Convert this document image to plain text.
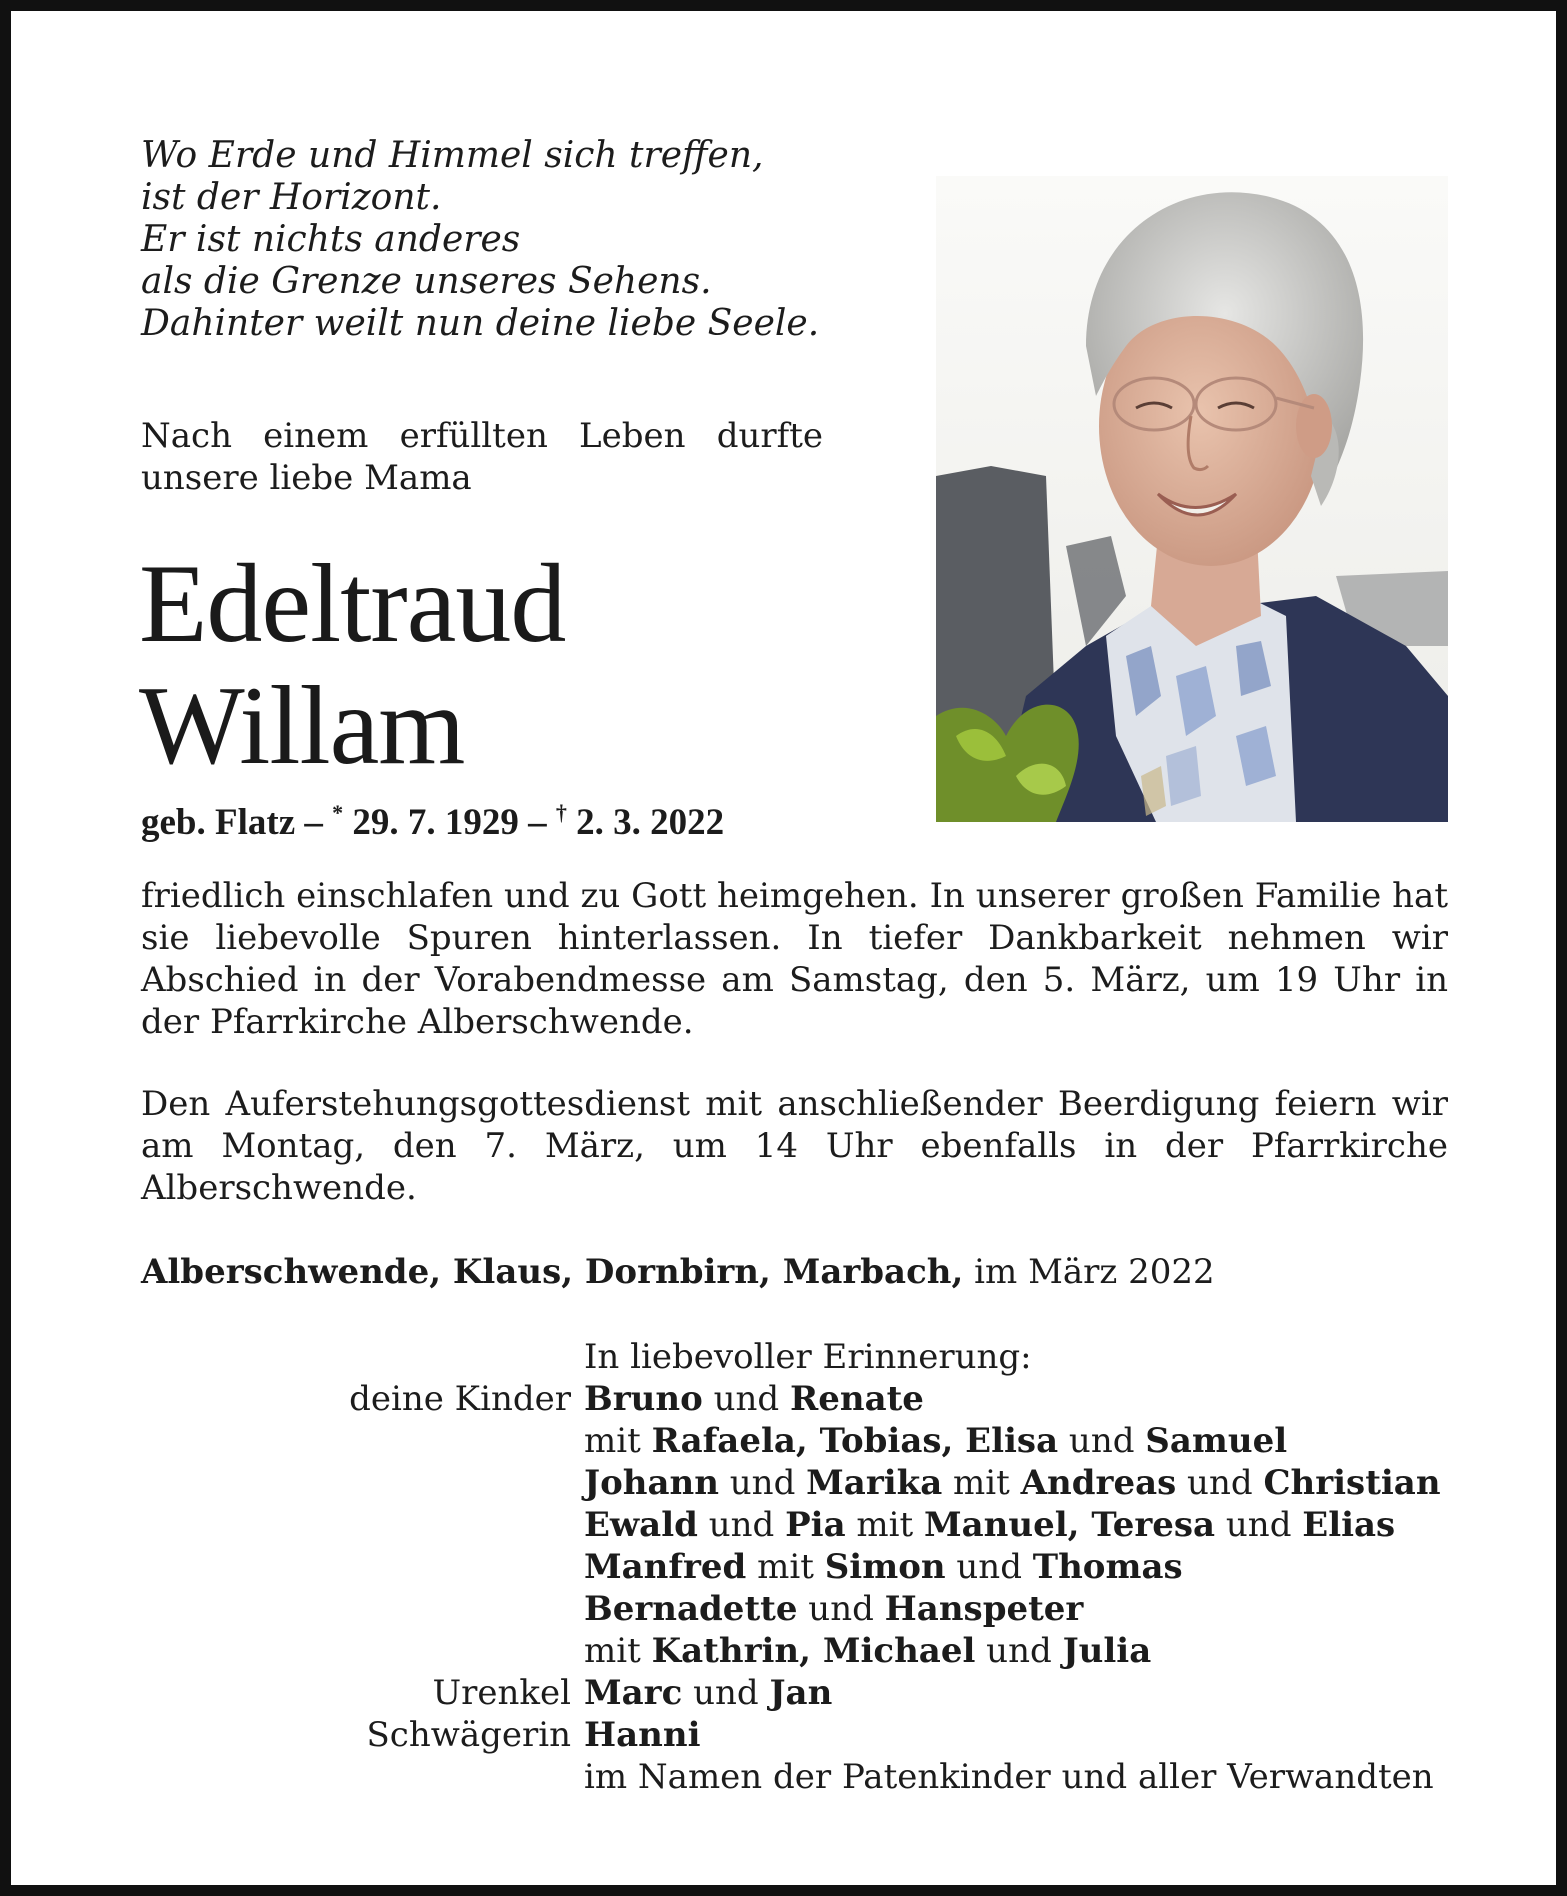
Wo Erde und Himmel sich treffen,
ist der Horizont.
Er ist nichts anderes
als die Grenze unseres Sehens.
Dahinter weilt nun deine liebe Seele.
Nach einem erfüllten Leben durfte unsere liebe Mama
Edeltraud
Willam
geb. Flatz – * 29. 7. 1929 – † 2. 3. 2022
friedlich einschlafen und zu Gott heimgehen. In unserer großen Familie hat sie liebevolle Spuren hinterlassen. In tiefer Dankbarkeit nehmen wir Abschied in der Vorabendmesse am Samstag, den 5. März, um 19 Uhr in der Pfarrkirche Alberschwende.
Den Auferstehungsgottesdienst mit anschließender Beerdigung feiern wir am Montag, den 7. März, um 14 Uhr ebenfalls in der Pfarrkirche Alberschwende.
Alberschwende, Klaus, Dornbirn, Marbach, im März 2022
In liebevoller Erinnerung:
deine Kinder Bruno und Renate
mit Rafaela, Tobias, Elisa und Samuel
Johann und Marika mit Andreas und Christian
Ewald und Pia mit Manuel, Teresa und Elias
Manfred mit Simon und Thomas
Bernadette und Hanspeter
mit Kathrin, Michael und Julia
Urenkel Marc und Jan
Schwägerin Hanni
im Namen der Patenkinder und aller Verwandten
